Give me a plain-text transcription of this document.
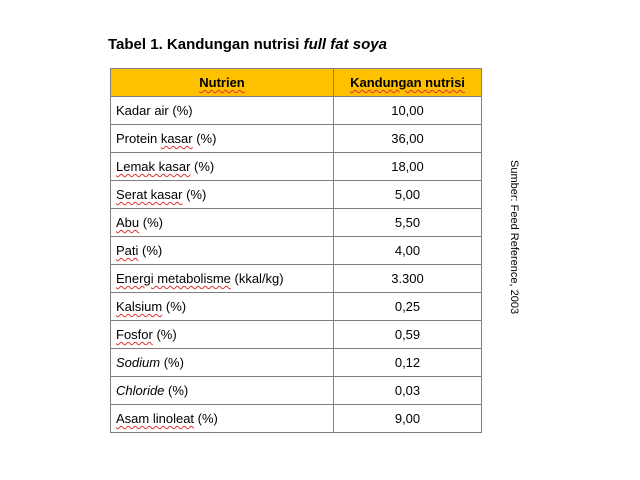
Tabel 1. Kandungan nutrisi full fat soya
Nutrien	Kandungan nutrisi
Kadar air (%)	10,00
Protein kasar (%)	36,00
Lemak kasar (%)	18,00
Serat kasar (%)	5,00
Abu (%)	5,50
Pati (%)	4,00
Energi metabolisme (kkal/kg)	3.300
Kalsium (%)	0,25
Fosfor (%)	0,59
Sodium (%)	0,12
Chloride (%)	0,03
Asam linoleat (%)	9,00
Sumber: Feed Reference, 2003
